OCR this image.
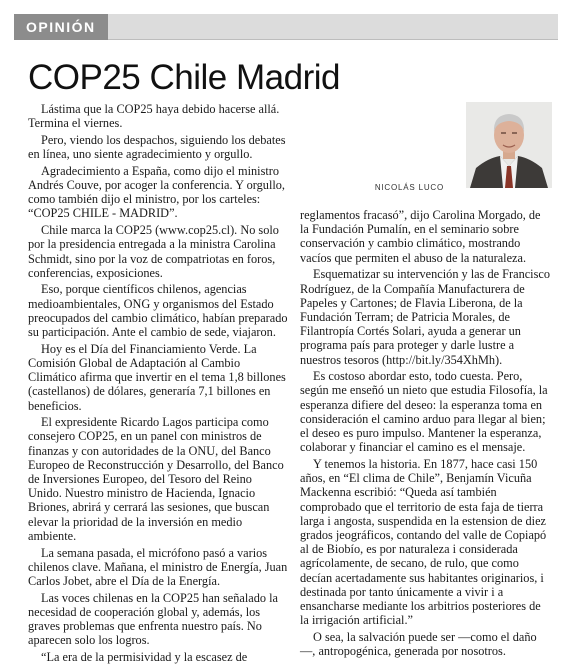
OPINIÓN
COP25 Chile Madrid

Lástima que la COP25 haya debido hacerse allá. Termina el viernes.

Pero, viendo los despachos, siguiendo los debates en línea, uno siente agradecimiento y orgullo.

Agradecimiento a España, como dijo el ministro Andrés Couve, por acoger la conferencia. Y orgullo, como también dijo el ministro, por los carteles: “COP25 CHILE - MADRID”.

Chile marca la COP25 (www.cop25.cl). No solo por la presidencia entregada a la ministra Carolina Schmidt, sino por la voz de compatriotas en foros, conferencias, exposiciones.

Eso, porque científicos chilenos, agencias medioambientales, ONG y organismos del Estado preocupados del cambio climático, habían preparado su participación. Ante el cambio de sede, viajaron.

Hoy es el Día del Financiamiento Verde. La Comisión Global de Adaptación al Cambio Climático afirma que invertir en el tema 1,8 billones (castellanos) de dólares, generaría 7,1 billones en beneficios.

El expresidente Ricardo Lagos participa como consejero COP25, en un panel con ministros de finanzas y con autoridades de la ONU, del Banco Europeo de Reconstrucción y Desarrollo, del Banco de Inversiones Europeo, del Tesoro del Reino Unido. Nuestro ministro de Hacienda, Ignacio Briones, abrirá y cerrará las sesiones, que buscan elevar la prioridad de la inversión en medio ambiente.

La semana pasada, el micrófono pasó a varios chilenos clave. Mañana, el ministro de Energía, Juan Carlos Jobet, abre el Día de la Energía.

Las voces chilenas en la COP25 han señalado la necesidad de cooperación global y, además, los graves problemas que enfrenta nuestro país. No aparecen solo los logros.

“La era de la permisividad y la escasez de

NICOLÁS LUCO

reglamentos fracasó”, dijo Carolina Morgado, de la Fundación Pumalín, en el seminario sobre conservación y cambio climático, mostrando vacíos que permiten el abuso de la naturaleza.

Esquematizar su intervención y las de Francisco Rodríguez, de la Compañía Manufacturera de Papeles y Cartones; de Flavia Liberona, de la Fundación Terram; de Patricia Morales, de Filantropía Cortés Solari, ayuda a generar un programa país para proteger y darle lustre a nuestros tesoros (http://bit.ly/354XhMh).

Es costoso abordar esto, todo cuesta. Pero, según me enseñó un nieto que estudia Filosofía, la esperanza difiere del deseo: la esperanza toma en consideración el camino arduo para llegar al bien; el deseo es puro impulso. Mantener la esperanza, colaborar y financiar el camino es el mensaje.

Y tenemos la historia. En 1877, hace casi 150 años, en “El clima de Chile”, Benjamín Vicuña Mackenna escribió: “Queda así también comprobado que el territorio de esta faja de tierra larga i angosta, suspendida en la estension de diez grados jeográficos, contando del valle de Copiapó al de Biobío, es por naturaleza i considerada agrícolamente, de secano, de rulo, que como decían acertadamente sus habitantes originarios, i destinada por tanto únicamente a vivir i a ensancharse mediante los arbitrios posteriores de la irrigación artificial.”

O sea, la salvación puede ser —como el daño—, antropogénica, generada por nosotros.
